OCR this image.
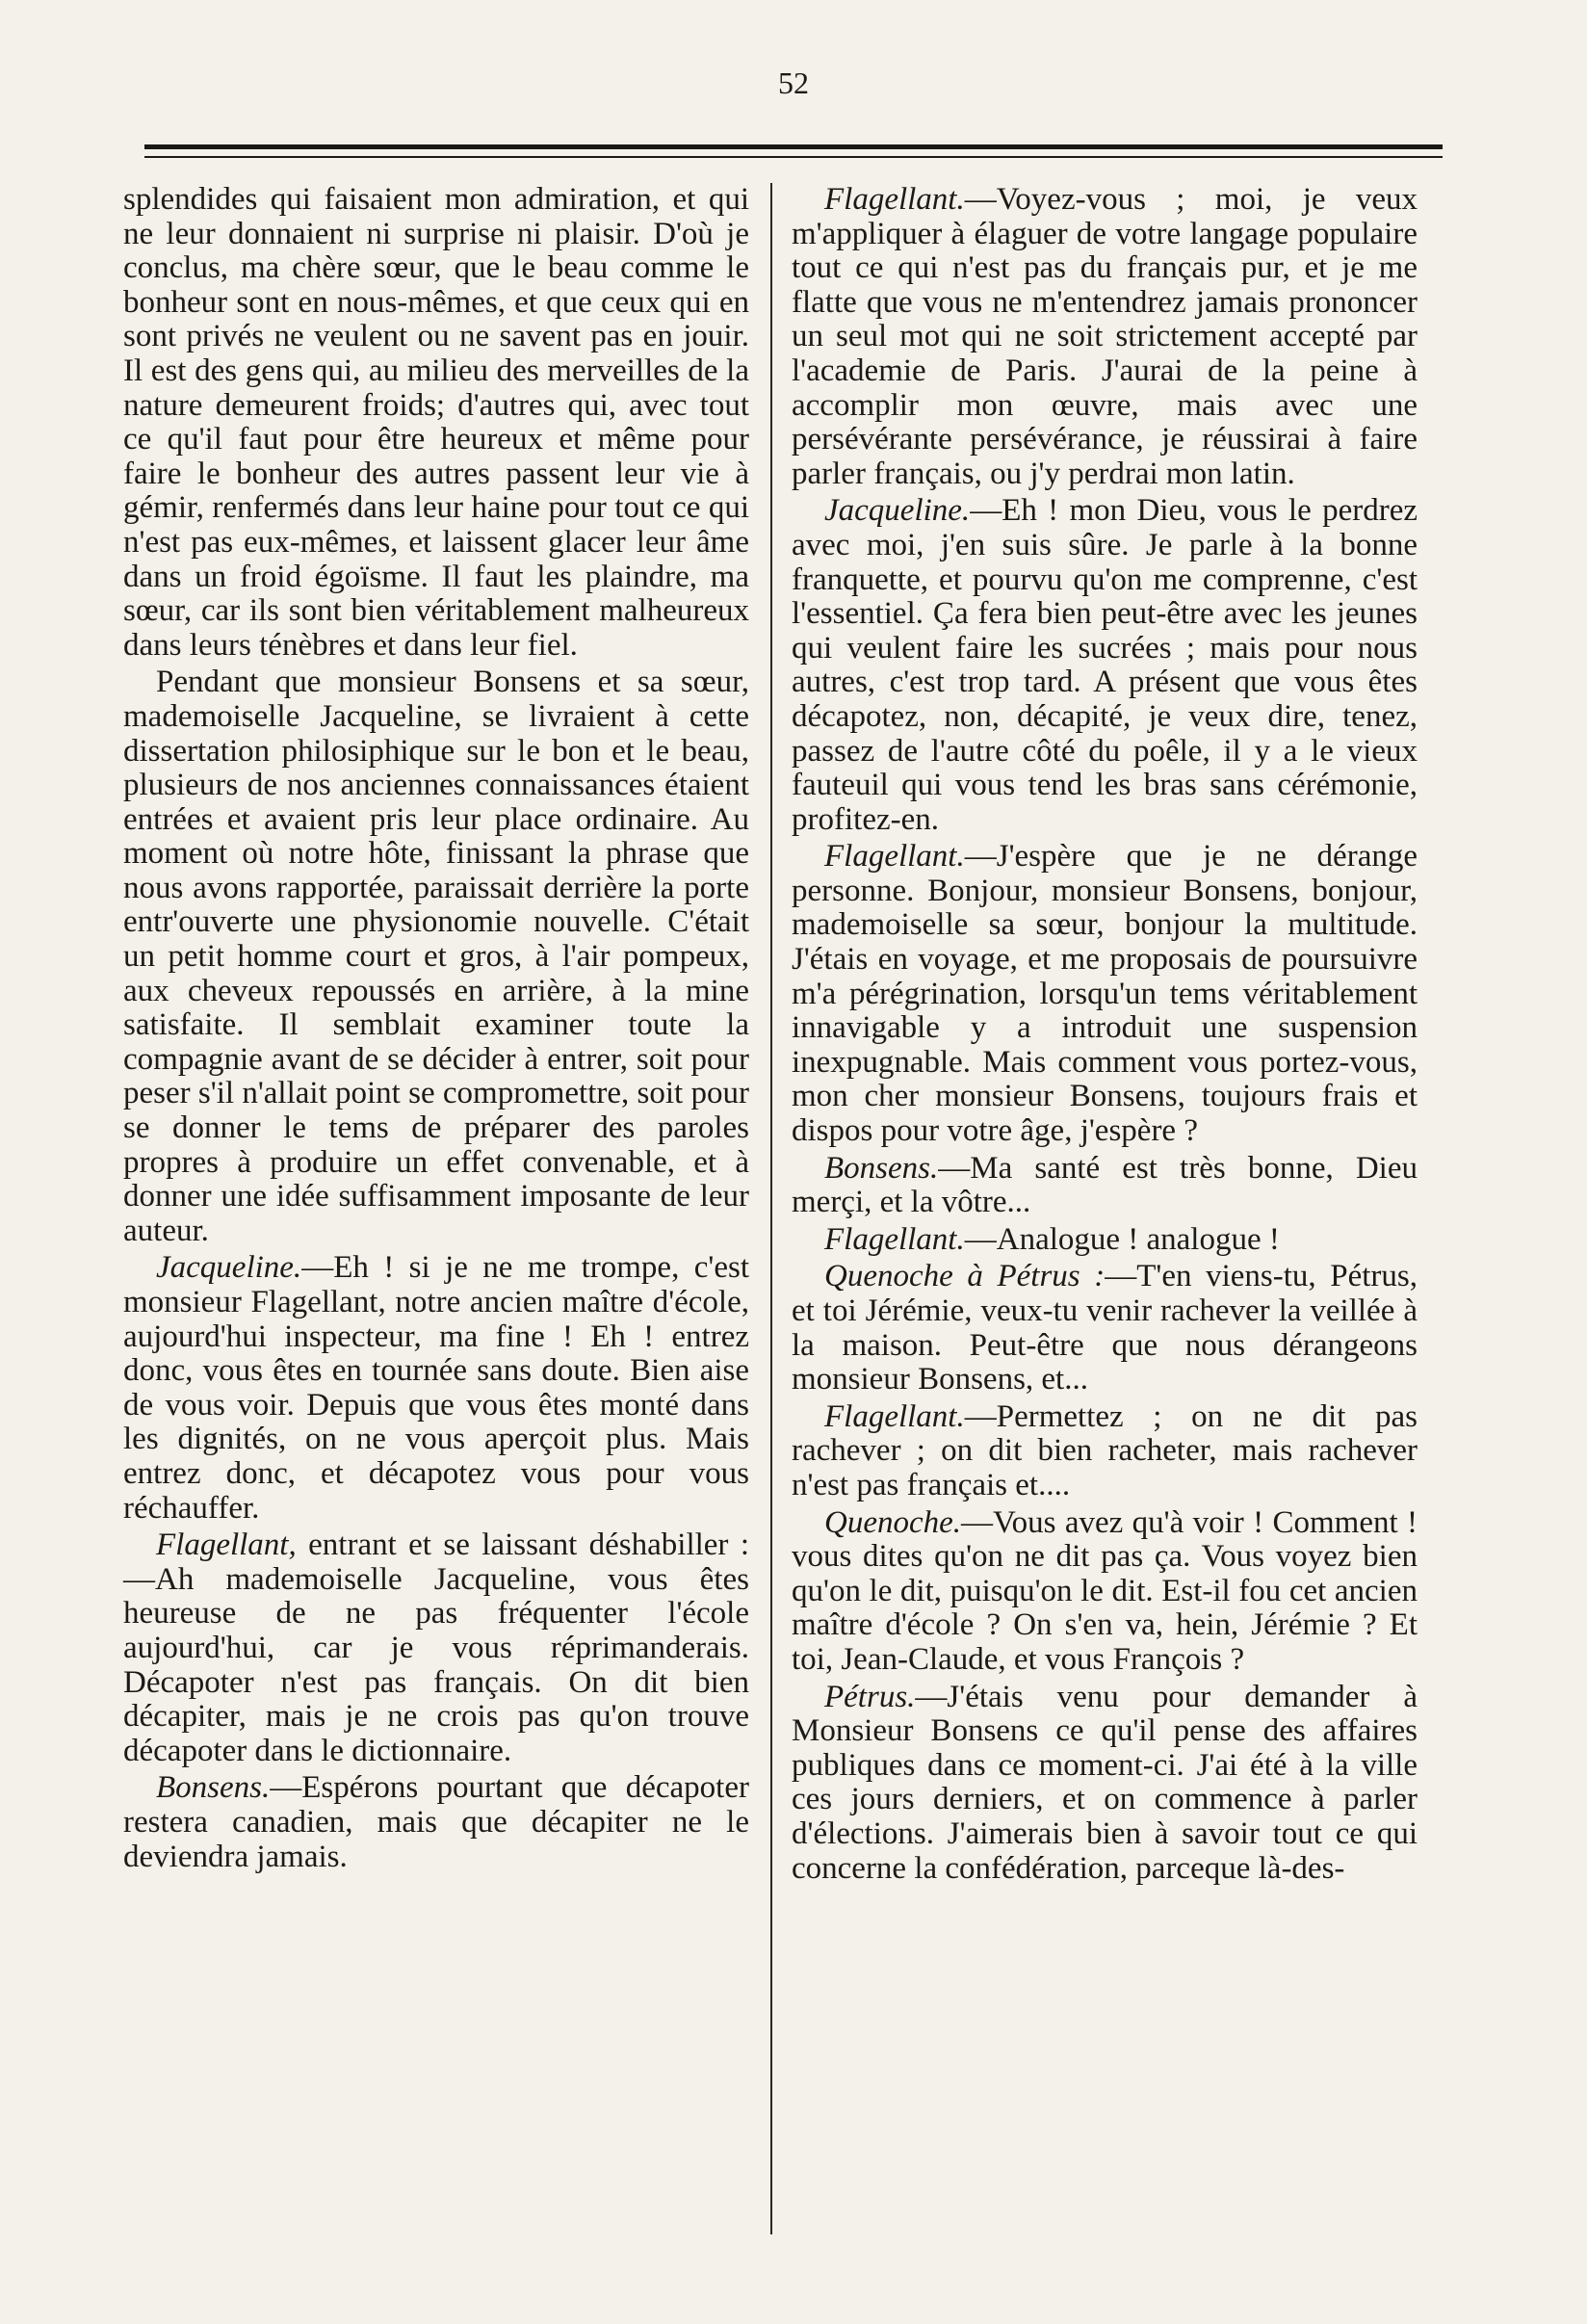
52

splendides qui faisaient mon admiration, et qui ne leur donnaient ni surprise ni plaisir. D'où je conclus, ma chère sœur, que le beau comme le bonheur sont en nous-mêmes, et que ceux qui en sont privés ne veulent ou ne savent pas en jouir. Il est des gens qui, au milieu des merveilles de la nature demeurent froids; d'autres qui, avec tout ce qu'il faut pour être heureux et même pour faire le bonheur des autres passent leur vie à gémir, renfermés dans leur haine pour tout ce qui n'est pas eux-mêmes, et laissent glacer leur âme dans un froid égoïsme. Il faut les plaindre, ma sœur, car ils sont bien véritablement malheureux dans leurs ténèbres et dans leur fiel.

Pendant que monsieur Bonsens et sa sœur, mademoiselle Jacqueline, se livraient à cette dissertation philosiphique sur le bon et le beau, plusieurs de nos anciennes connaissances étaient entrées et avaient pris leur place ordinaire. Au moment où notre hôte, finissant la phrase que nous avons rapportée, paraissait derrière la porte entr'ouverte une physionomie nouvelle. C'était un petit homme court et gros, à l'air pompeux, aux cheveux repoussés en arrière, à la mine satisfaite. Il semblait examiner toute la compagnie avant de se décider à entrer, soit pour peser s'il n'allait point se compromettre, soit pour se donner le tems de préparer des paroles propres à produire un effet convenable, et à donner une idée suffisamment imposante de leur auteur.

Jacqueline.—Eh ! si je ne me trompe, c'est monsieur Flagellant, notre ancien maître d'école, aujourd'hui inspecteur, ma fine ! Eh ! entrez donc, vous êtes en tournée sans doute. Bien aise de vous voir. Depuis que vous êtes monté dans les dignités, on ne vous aperçoit plus. Mais entrez donc, et décapotez vous pour vous réchauffer.

Flagellant, entrant et se laissant déshabiller :—Ah mademoiselle Jacqueline, vous êtes heureuse de ne pas fréquenter l'école aujourd'hui, car je vous réprimanderais. Décapoter n'est pas français. On dit bien décapiter, mais je ne crois pas qu'on trouve décapoter dans le dictionnaire.

Bonsens.—Espérons pourtant que décapoter restera canadien, mais que décapiter ne le deviendra jamais.

Flagellant.—Voyez-vous ; moi, je veux m'appliquer à élaguer de votre langage populaire tout ce qui n'est pas du français pur, et je me flatte que vous ne m'entendrez jamais prononcer un seul mot qui ne soit strictement accepté par l'academie de Paris. J'aurai de la peine à accomplir mon œuvre, mais avec une persévérante persévérance, je réussirai à faire parler français, ou j'y perdrai mon latin.

Jacqueline.—Eh ! mon Dieu, vous le perdrez avec moi, j'en suis sûre. Je parle à la bonne franquette, et pourvu qu'on me comprenne, c'est l'essentiel. Ça fera bien peut-être avec les jeunes qui veulent faire les sucrées ; mais pour nous autres, c'est trop tard. A présent que vous êtes décapotez, non, décapité, je veux dire, tenez, passez de l'autre côté du poêle, il y a le vieux fauteuil qui vous tend les bras sans cérémonie, profitez-en.

Flagellant.—J'espère que je ne dérange personne. Bonjour, monsieur Bonsens, bonjour, mademoiselle sa sœur, bonjour la multitude. J'étais en voyage, et me proposais de poursuivre m'a pérégrination, lorsqu'un tems véritablement innavigable y a introduit une suspension inexpugnable. Mais comment vous portez-vous, mon cher monsieur Bonsens, toujours frais et dispos pour votre âge, j'espère ?

Bonsens.—Ma santé est très bonne, Dieu merçi, et la vôtre...

Flagellant.—Analogue ! analogue !

Quenoche à Pétrus :—T'en viens-tu, Pétrus, et toi Jérémie, veux-tu venir rachever la veillée à la maison. Peut-être que nous dérangeons monsieur Bonsens, et...

Flagellant.—Permettez ; on ne dit pas rachever ; on dit bien racheter, mais rachever n'est pas français et....

Quenoche.—Vous avez qu'à voir ! Comment ! vous dites qu'on ne dit pas ça. Vous voyez bien qu'on le dit, puisqu'on le dit. Est-il fou cet ancien maître d'école ? On s'en va, hein, Jérémie ? Et toi, Jean-Claude, et vous François ?

Pétrus.—J'étais venu pour demander à Monsieur Bonsens ce qu'il pense des affaires publiques dans ce moment-ci. J'ai été à la ville ces jours derniers, et on commence à parler d'élections. J'aimerais bien à savoir tout ce qui concerne la confédération, parceque là-des-
